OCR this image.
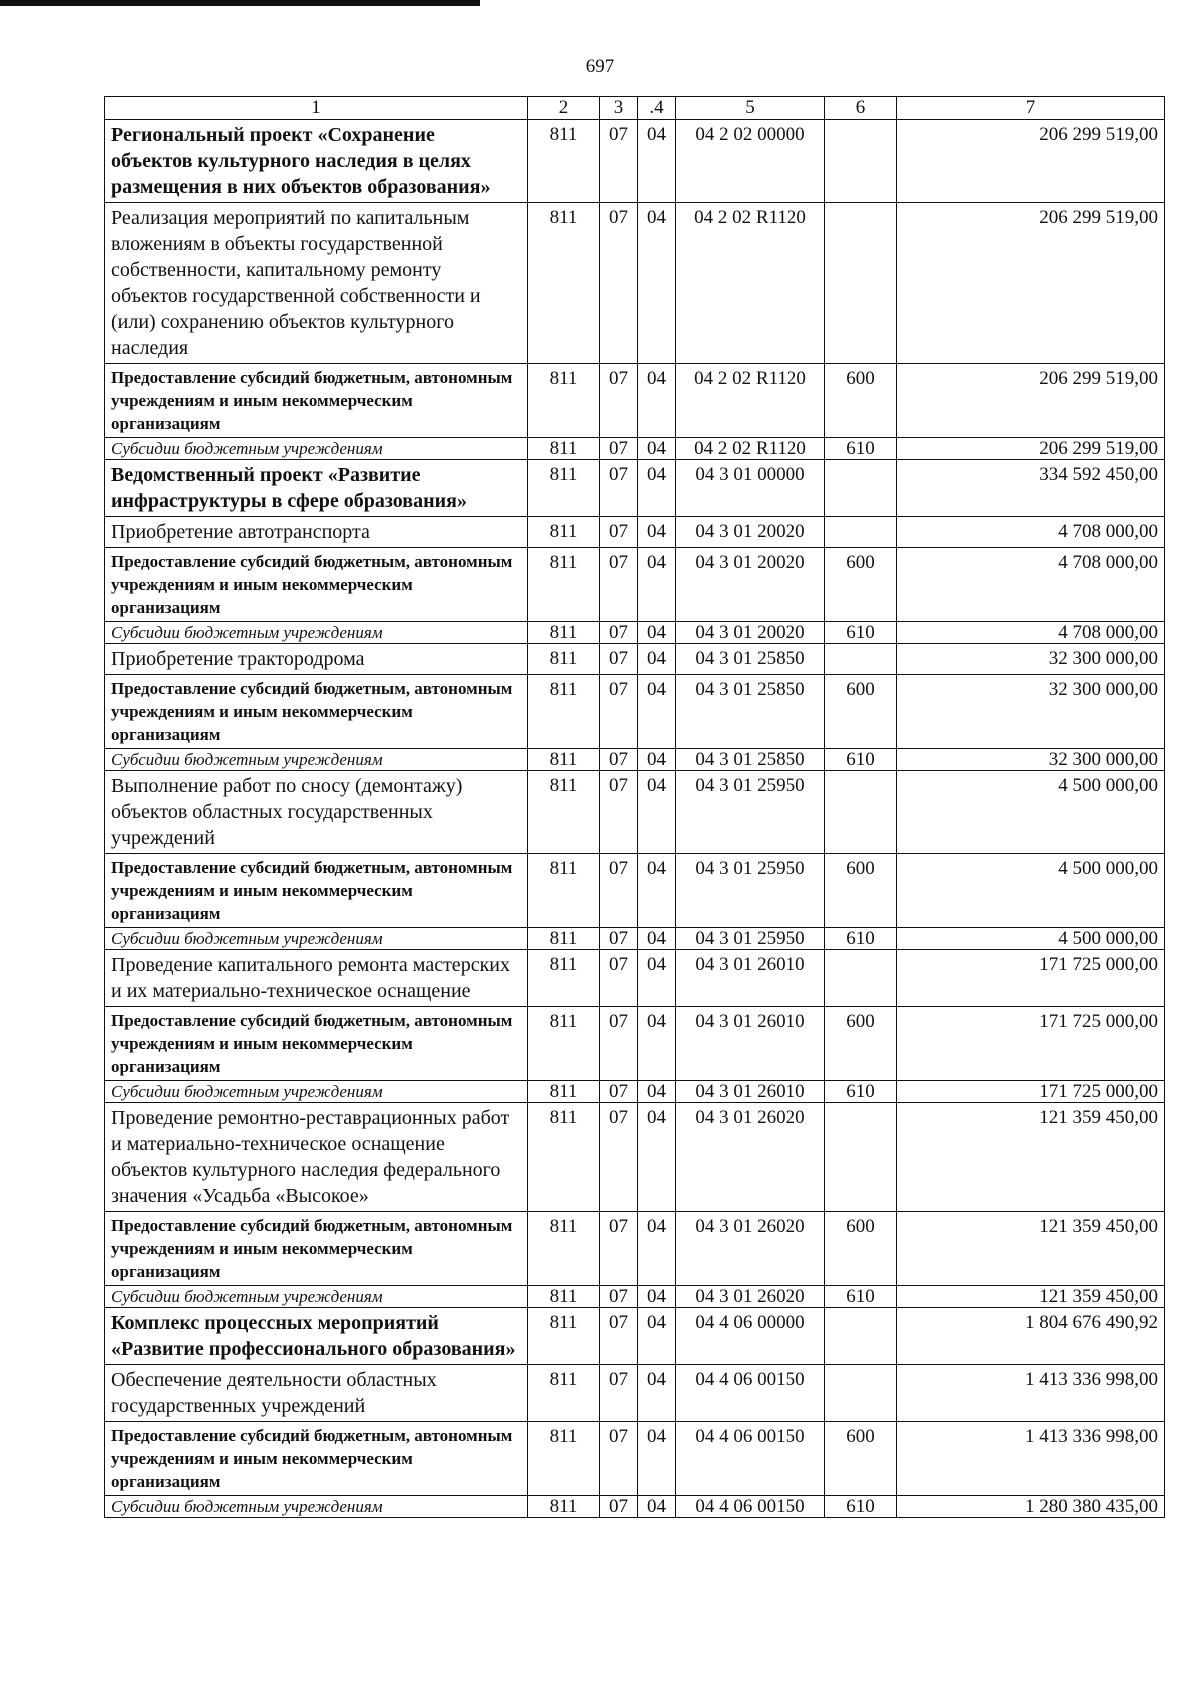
697
1	2	3	.4	5	6	7
Региональный проект «Сохранение объектов культурного наследия в целях размещения в них объектов образования»	811	07	04	04 2 02 00000		206 299 519,00
Реализация мероприятий по капитальным вложениям в объекты государственной собственности, капитальному ремонту объектов государственной собственности и (или) сохранению объектов культурного наследия	811	07	04	04 2 02 R1120		206 299 519,00
Предоставление субсидий бюджетным, автономным учреждениям и иным некоммерческим организациям	811	07	04	04 2 02 R1120	600	206 299 519,00
Субсидии бюджетным учреждениям	811	07	04	04 2 02 R1120	610	206 299 519,00
Ведомственный проект «Развитие инфраструктуры в сфере образования»	811	07	04	04 3 01 00000		334 592 450,00
Приобретение автотранспорта	811	07	04	04 3 01 20020		4 708 000,00
Предоставление субсидий бюджетным, автономным учреждениям и иным некоммерческим организациям	811	07	04	04 3 01 20020	600	4 708 000,00
Субсидии бюджетным учреждениям	811	07	04	04 3 01 20020	610	4 708 000,00
Приобретение трактородрома	811	07	04	04 3 01 25850		32 300 000,00
Предоставление субсидий бюджетным, автономным учреждениям и иным некоммерческим организациям	811	07	04	04 3 01 25850	600	32 300 000,00
Субсидии бюджетным учреждениям	811	07	04	04 3 01 25850	610	32 300 000,00
Выполнение работ по сносу (демонтажу) объектов областных государственных учреждений	811	07	04	04 3 01 25950		4 500 000,00
Предоставление субсидий бюджетным, автономным учреждениям и иным некоммерческим организациям	811	07	04	04 3 01 25950	600	4 500 000,00
Субсидии бюджетным учреждениям	811	07	04	04 3 01 25950	610	4 500 000,00
Проведение капитального ремонта мастерских и их материально-техническое оснащение	811	07	04	04 3 01 26010		171 725 000,00
Предоставление субсидий бюджетным, автономным учреждениям и иным некоммерческим организациям	811	07	04	04 3 01 26010	600	171 725 000,00
Субсидии бюджетным учреждениям	811	07	04	04 3 01 26010	610	171 725 000,00
Проведение ремонтно-реставрационных работ и материально-техническое оснащение объектов культурного наследия федерального значения «Усадьба «Высокое»	811	07	04	04 3 01 26020		121 359 450,00
Предоставление субсидий бюджетным, автономным учреждениям и иным некоммерческим организациям	811	07	04	04 3 01 26020	600	121 359 450,00
Субсидии бюджетным учреждениям	811	07	04	04 3 01 26020	610	121 359 450,00
Комплекс процессных мероприятий «Развитие профессионального образования»	811	07	04	04 4 06 00000		1 804 676 490,92
Обеспечение деятельности областных государственных учреждений	811	07	04	04 4 06 00150		1 413 336 998,00
Предоставление субсидий бюджетным, автономным учреждениям и иным некоммерческим организациям	811	07	04	04 4 06 00150	600	1 413 336 998,00
Субсидии бюджетным учреждениям	811	07	04	04 4 06 00150	610	1 280 380 435,00
